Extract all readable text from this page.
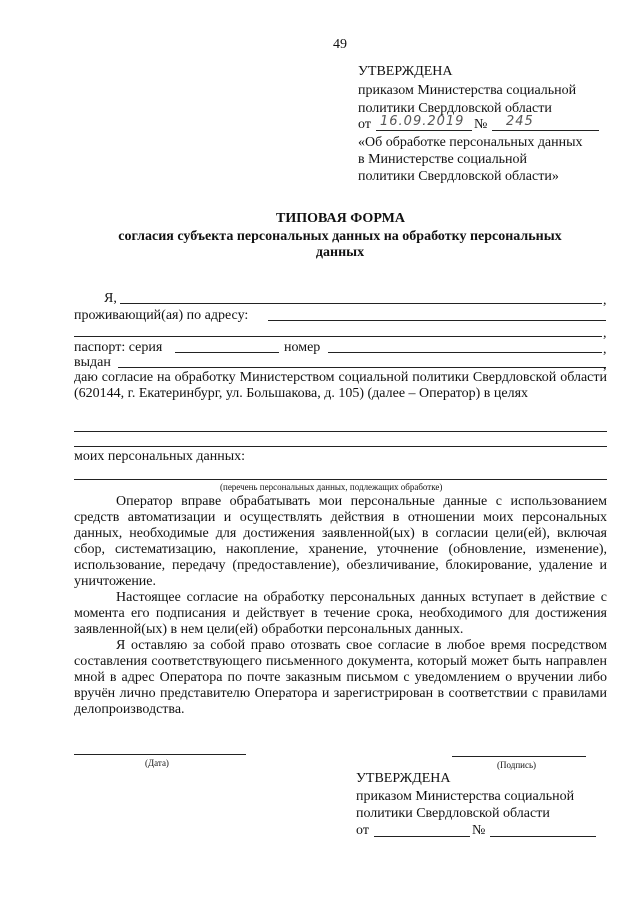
49
УТВЕРЖДЕНА
приказом Министерства социальной
политики Свердловской области
от 16.09.2019 № 245
«Об обработке персональных данных
в Министерстве социальной
политики Свердловской области»
ТИПОВАЯ ФОРМА
согласия субъекта персональных данных на обработку персональных данных
Я,	,
проживающий(ая) по адресу:
,
паспорт: серия	номер	,
выдан	,
даю согласие на обработку Министерством социальной политики Свердловской области (620144, г. Екатеринбург, ул. Большакова, д. 105) (далее – Оператор) в целях
моих персональных данных:
(перечень персональных данных, подлежащих обработке)
Оператор вправе обрабатывать мои персональные данные с использованием средств автоматизации и осуществлять действия в отношении моих персональных данных, необходимые для достижения заявленной(ых) в согласии цели(ей), включая сбор, систематизацию, накопление, хранение, уточнение (обновление, изменение), использование, передачу (предоставление), обезличивание, блокирование, удаление и уничтожение.
Настоящее согласие на обработку персональных данных вступает в действие с момента его подписания и действует в течение срока, необходимого для достижения заявленной(ых) в нем цели(ей) обработки персональных данных.
Я оставляю за собой право отозвать свое согласие в любое время посредством составления соответствующего письменного документа, который может быть направлен мной в адрес Оператора по почте заказным письмом с уведомлением о вручении либо вручён лично представителю Оператора и зарегистрирован в соответствии с правилами делопроизводства.
(Дата)	(Подпись)
УТВЕРЖДЕНА
приказом Министерства социальной
политики Свердловской области
от	№
